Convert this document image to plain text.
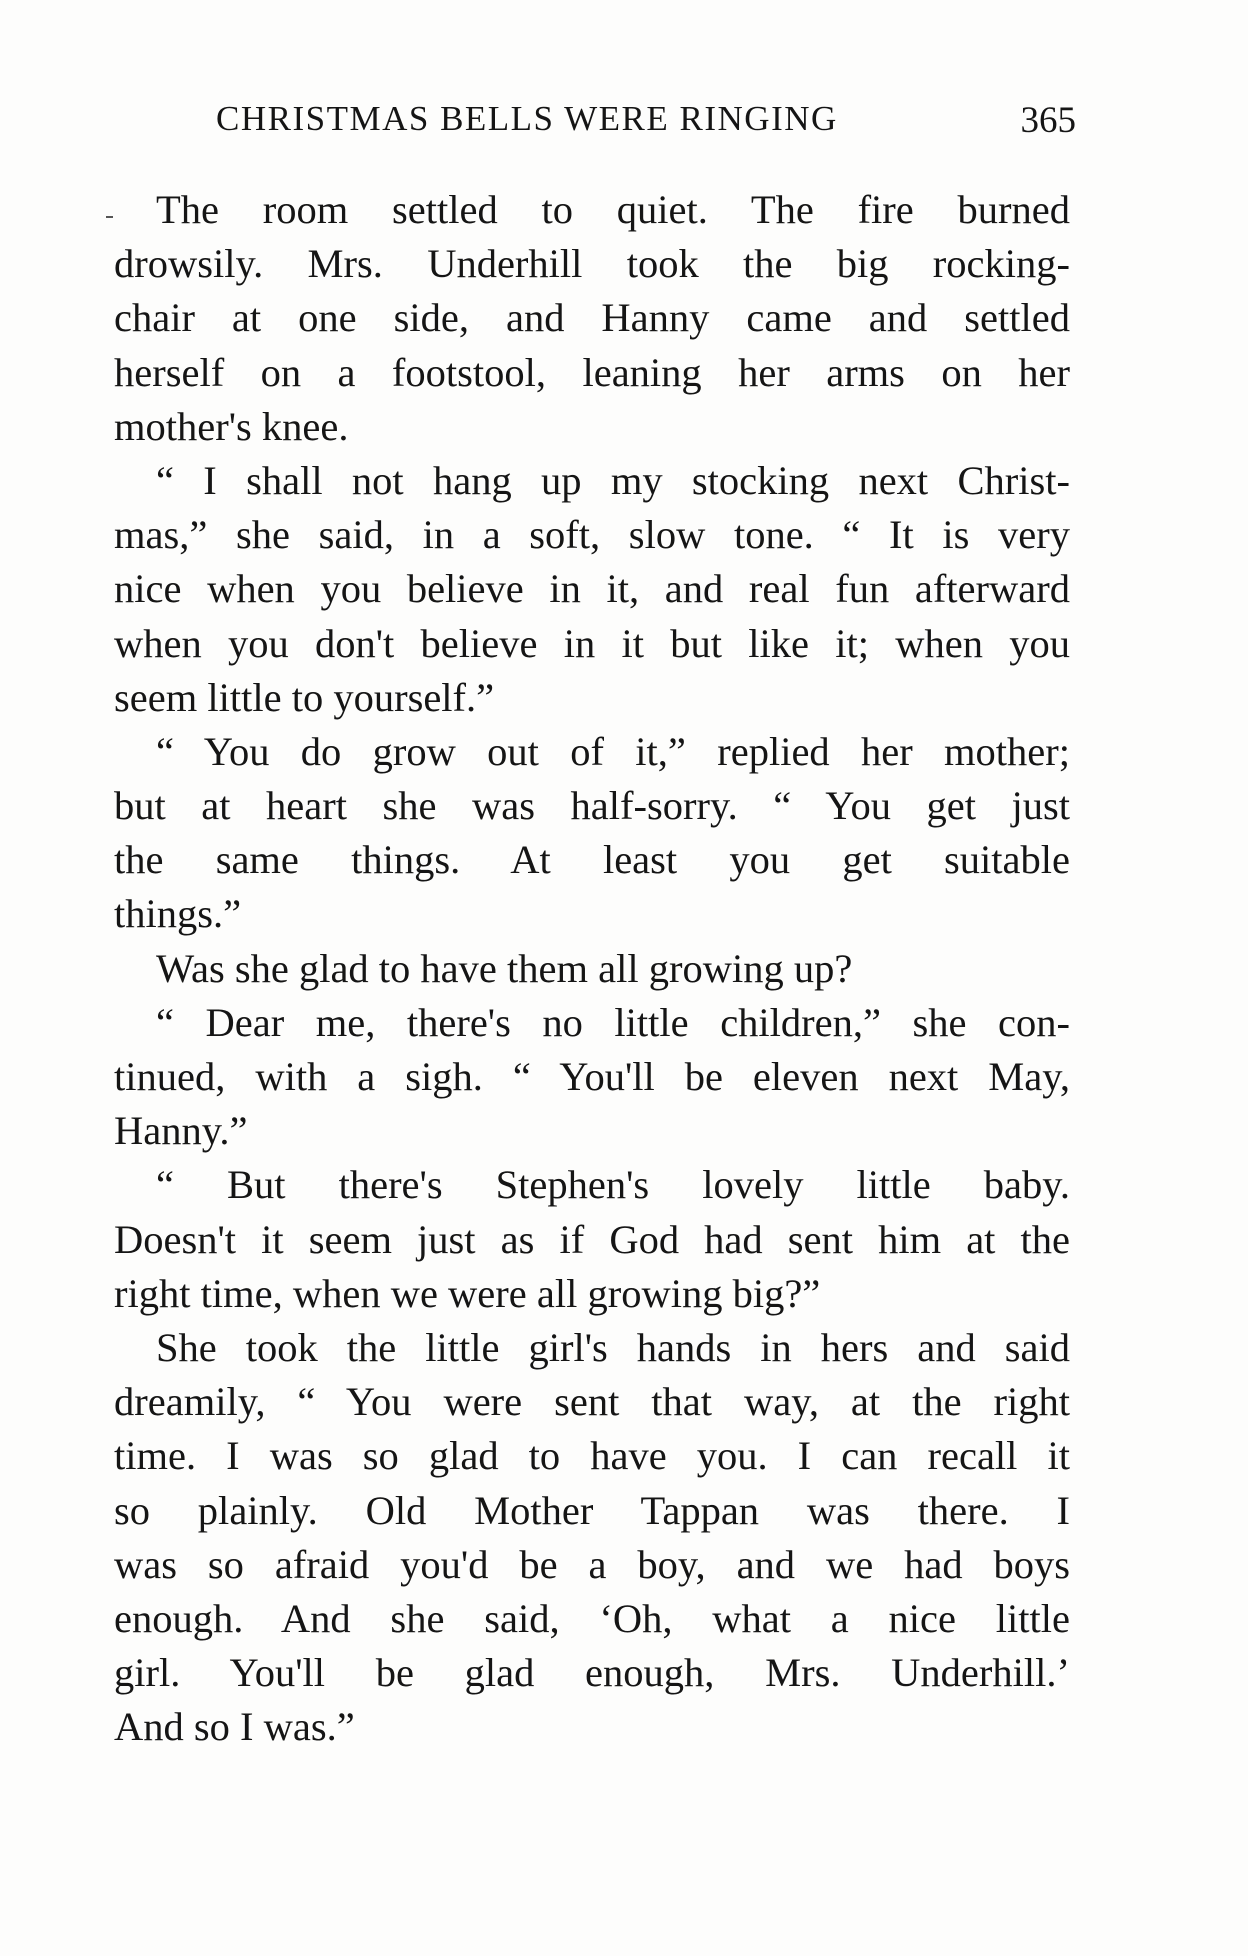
CHRISTMAS BELLS WERE RINGING	365
The room settled to quiet. The fire burned
drowsily. Mrs. Underhill took the big rocking-
chair at one side, and Hanny came and settled
herself on a footstool, leaning her arms on her
mother's knee.
“ I shall not hang up my stocking next Christ-
mas,” she said, in a soft, slow tone. “ It is very
nice when you believe in it, and real fun afterward
when you don't believe in it but like it; when you
seem little to yourself.”
“ You do grow out of it,” replied her mother;
but at heart she was half-sorry. “ You get just
the same things. At least you get suitable
things.”
Was she glad to have them all growing up?
“ Dear me, there's no little children,” she con-
tinued, with a sigh. “ You'll be eleven next May,
Hanny.”
“ But there's Stephen's lovely little baby.
Doesn't it seem just as if God had sent him at the
right time, when we were all growing big?”
She took the little girl's hands in hers and said
dreamily, “ You were sent that way, at the right
time. I was so glad to have you. I can recall it
so plainly. Old Mother Tappan was there. I
was so afraid you'd be a boy, and we had boys
enough. And she said, ‘Oh, what a nice little
girl. You'll be glad enough, Mrs. Underhill.’
And so I was.”
